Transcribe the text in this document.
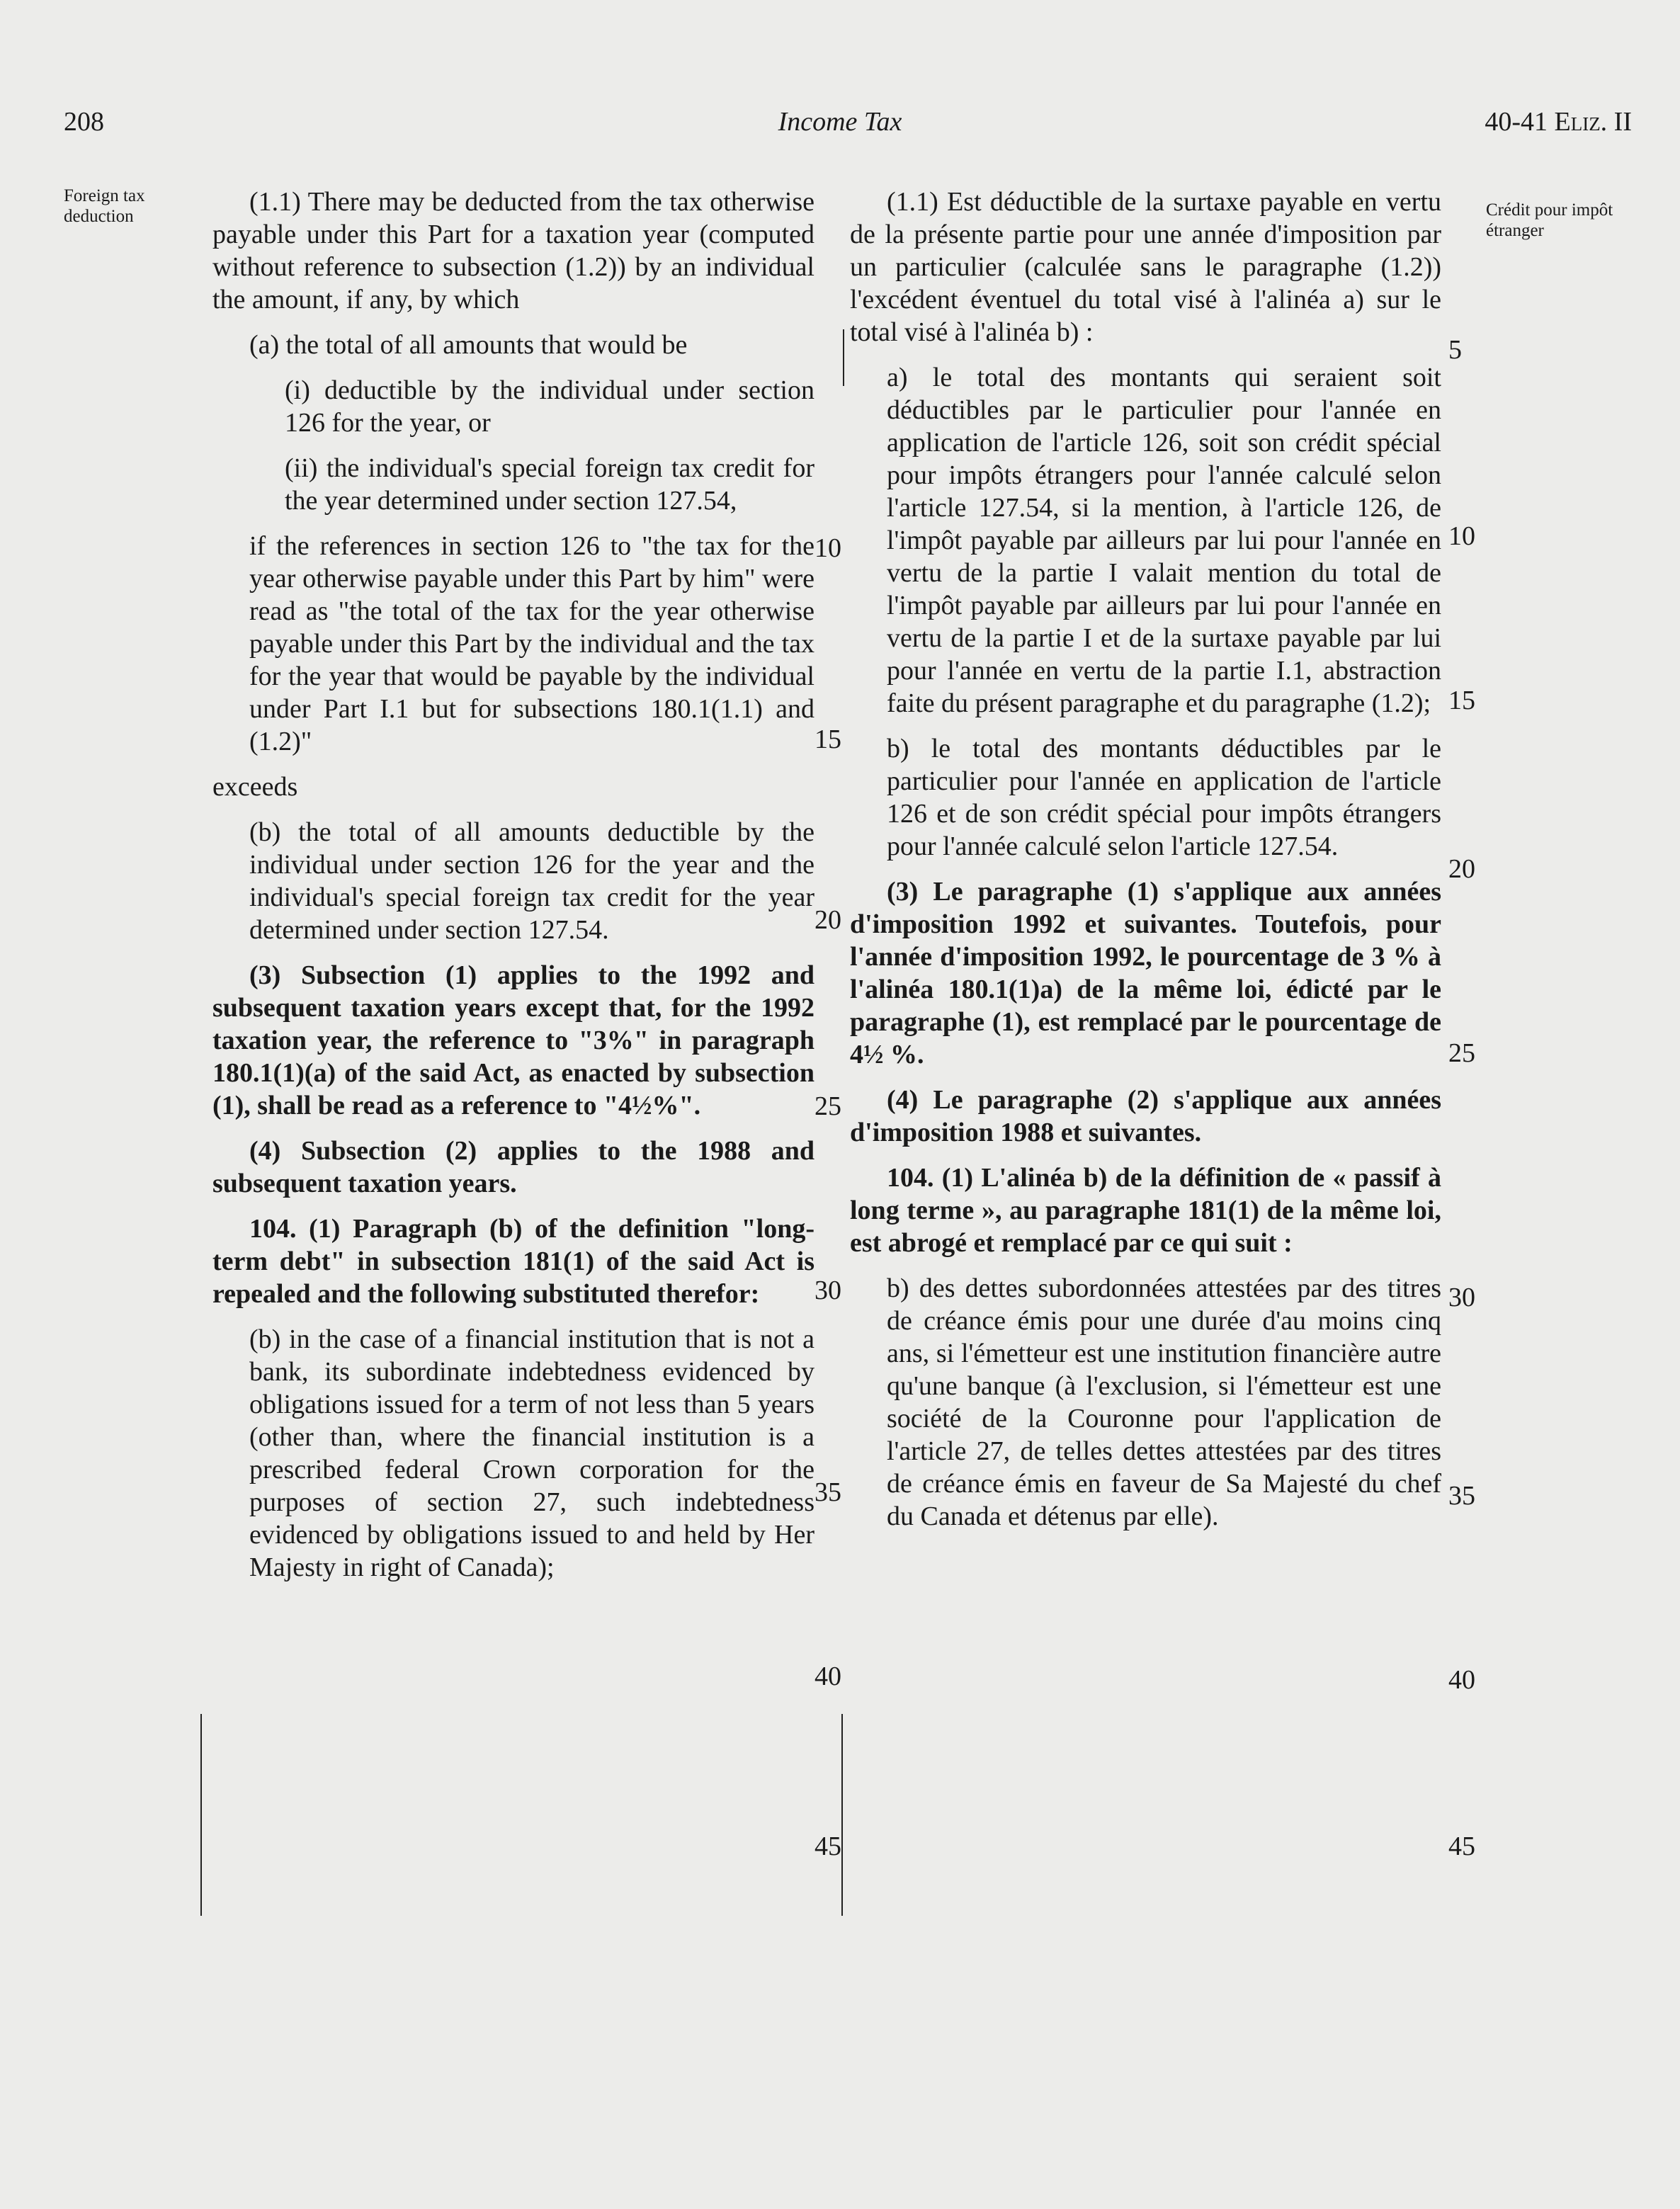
208	Income Tax	40-41 Eliz. II
Foreign tax deduction	Crédit pour impôt étranger

(1.1) There may be deducted from the tax otherwise payable under this Part for a taxation year (computed without reference to subsection (1.2)) by an individual the amount, if any, by which

(a) the total of all amounts that would be

(i) deductible by the individual under section 126 for the year, or

(ii) the individual's special foreign tax credit for the year determined under section 127.54,

if the references in section 126 to "the tax for the year otherwise payable under this Part by him" were read as "the total of the tax for the year otherwise payable under this Part by the individual and the tax for the year that would be payable by the individual under Part I.1 but for subsections 180.1(1.1) and (1.2)"

exceeds

(b) the total of all amounts deductible by the individual under section 126 for the year and the individual's special foreign tax credit for the year determined under section 127.54.

(3) Subsection (1) applies to the 1992 and subsequent taxation years except that, for the 1992 taxation year, the reference to "3%" in paragraph 180.1(1)(a) of the said Act, as enacted by subsection (1), shall be read as a reference to "4½%".

(4) Subsection (2) applies to the 1988 and subsequent taxation years.

104. (1) Paragraph (b) of the definition "long-term debt" in subsection 181(1) of the said Act is repealed and the following substituted therefor:

(b) in the case of a financial institution that is not a bank, its subordinate indebtedness evidenced by obligations issued for a term of not less than 5 years (other than, where the financial institution is a prescribed federal Crown corporation for the purposes of section 27, such indebtedness evidenced by obligations issued to and held by Her Majesty in right of Canada);

(1.1) Est déductible de la surtaxe payable en vertu de la présente partie pour une année d'imposition par un particulier (calculée sans le paragraphe (1.2)) l'excédent éventuel du total visé à l'alinéa a) sur le total visé à l'alinéa b) :

a) le total des montants qui seraient soit déductibles par le particulier pour l'année en application de l'article 126, soit son crédit spécial pour impôts étrangers pour l'année calculé selon l'article 127.54, si la mention, à l'article 126, de l'impôt payable par ailleurs par lui pour l'année en vertu de la partie I valait mention du total de l'impôt payable par ailleurs par lui pour l'année en vertu de la partie I et de la surtaxe payable par lui pour l'année en vertu de la partie I.1, abstraction faite du présent paragraphe et du paragraphe (1.2);

b) le total des montants déductibles par le particulier pour l'année en application de l'article 126 et de son crédit spécial pour impôts étrangers pour l'année calculé selon l'article 127.54.

(3) Le paragraphe (1) s'applique aux années d'imposition 1992 et suivantes. Toutefois, pour l'année d'imposition 1992, le pourcentage de 3 % à l'alinéa 180.1(1)a) de la même loi, édicté par le paragraphe (1), est remplacé par le pourcentage de 4½ %.

(4) Le paragraphe (2) s'applique aux années d'imposition 1988 et suivantes.

104. (1) L'alinéa b) de la définition de « passif à long terme », au paragraphe 181(1) de la même loi, est abrogé et remplacé par ce qui suit :

b) des dettes subordonnées attestées par des titres de créance émis pour une durée d'au moins cinq ans, si l'émetteur est une institution financière autre qu'une banque (à l'exclusion, si l'émetteur est une société de la Couronne pour l'application de l'article 27, de telles dettes attestées par des titres de créance émis en faveur de Sa Majesté du chef du Canada et détenus par elle).

10
15
20
25
30
35
40
45
5
10
15
20
25
30
35
40
45
